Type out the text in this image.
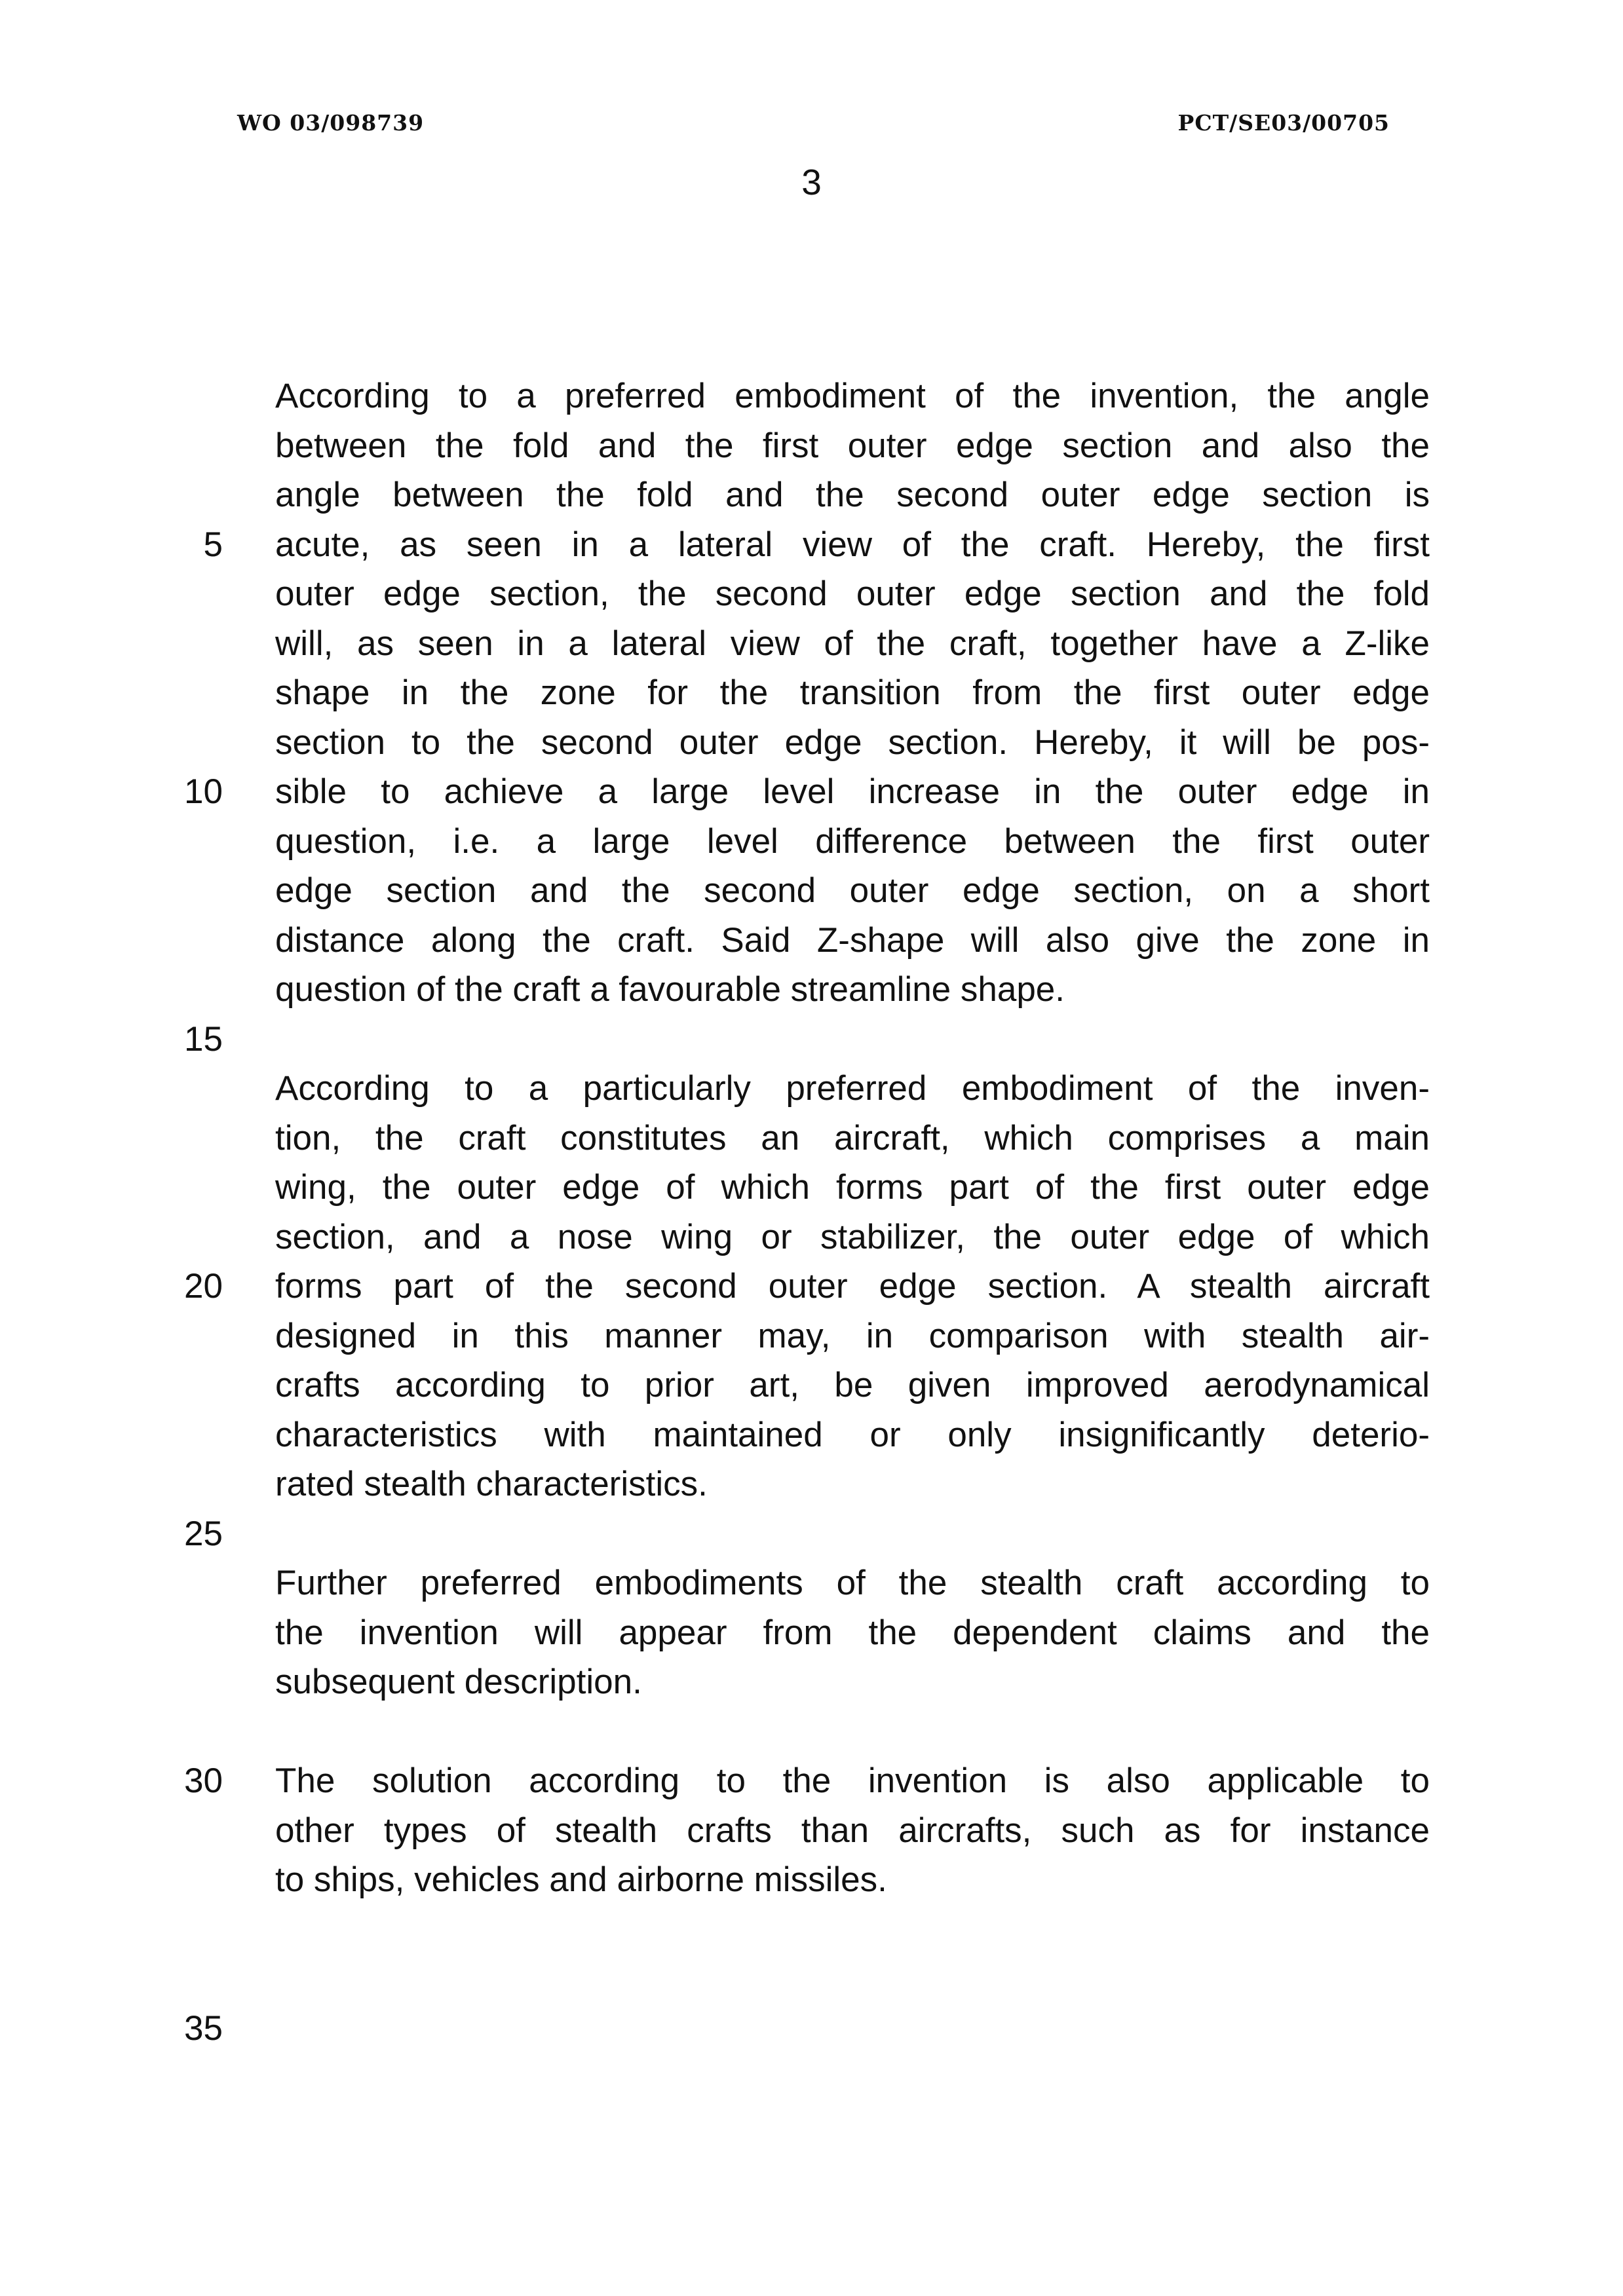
WO 03/098739	PCT/SE03/00705
3
5
10
15
20
25
30
35
According to a preferred embodiment of the invention, the angle
between the fold and the first outer edge section and also the
angle between the fold and the second outer edge section is
acute, as seen in a lateral view of the craft. Hereby, the first
outer edge section, the second outer edge section and the fold
will, as seen in a lateral view of the craft, together have a Z-like
shape in the zone for the transition from the first outer edge
section to the second outer edge section. Hereby, it will be pos-
sible to achieve a large level increase in the outer edge in
question, i.e. a large level difference between the first outer
edge section and the second outer edge section, on a short
distance along the craft. Said Z-shape will also give the zone in
question of the craft a favourable streamline shape.
According to a particularly preferred embodiment of the inven-
tion, the craft constitutes an aircraft, which comprises a main
wing, the outer edge of which forms part of the first outer edge
section, and a nose wing or stabilizer, the outer edge of which
forms part of the second outer edge section. A stealth aircraft
designed in this manner may, in comparison with stealth air-
crafts according to prior art, be given improved aerodynamical
characteristics with maintained or only insignificantly deterio-
rated stealth characteristics.
Further preferred embodiments of the stealth craft according to
the invention will appear from the dependent claims and the
subsequent description.
The solution according to the invention is also applicable to
other types of stealth crafts than aircrafts, such as for instance
to ships, vehicles and airborne missiles.
